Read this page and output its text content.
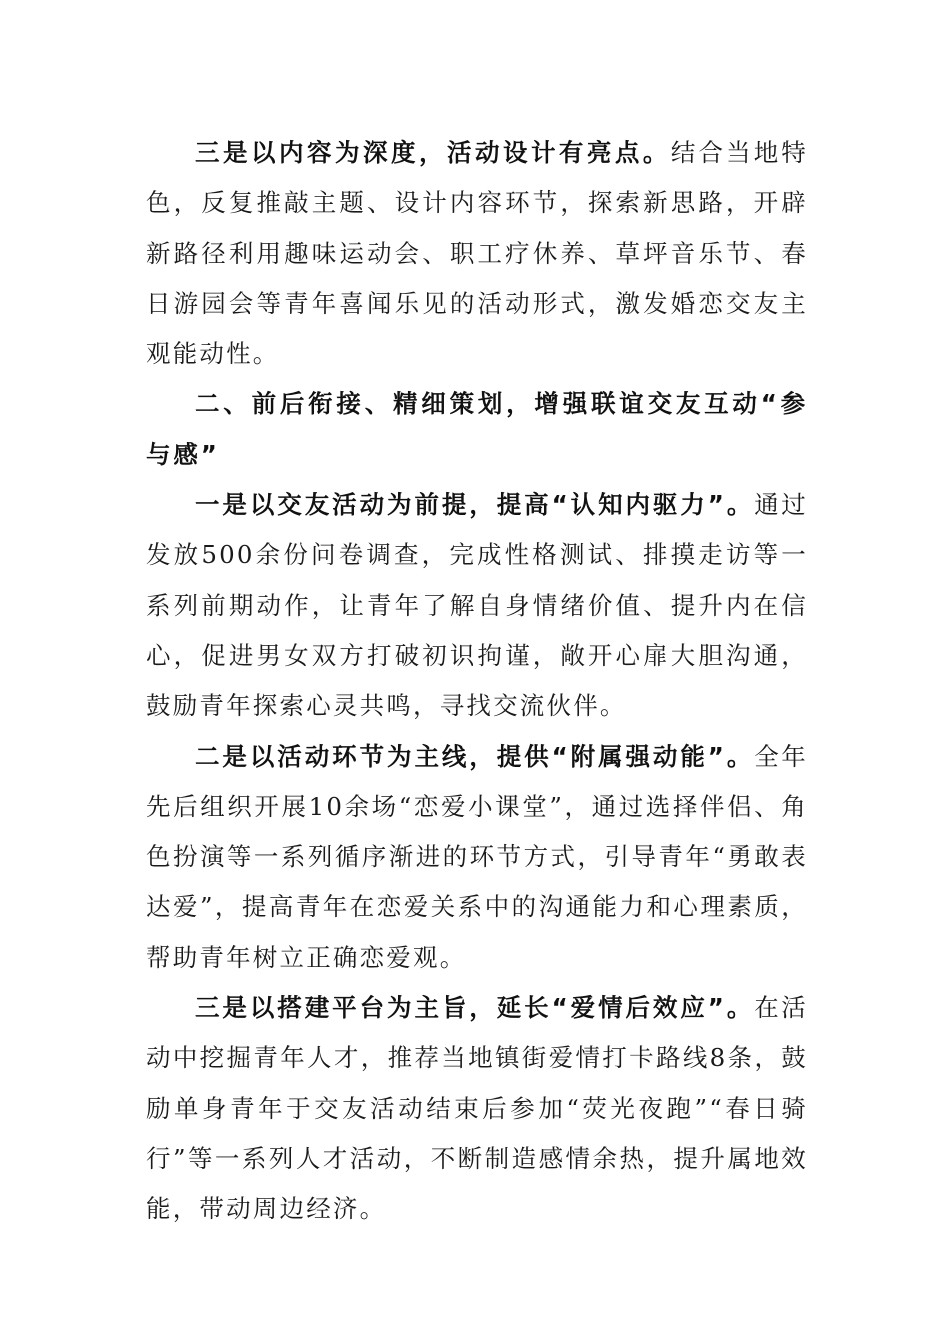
三是以内容为深度，活动设计有亮点。结合当地特色，反复推敲主题、设计内容环节，探索新思路，开辟新路径利用趣味运动会、职工疗休养、草坪音乐节、春日游园会等青年喜闻乐见的活动形式，激发婚恋交友主观能动性。

二、前后衔接、精细策划，增强联谊交友互动“参与感”

一是以交友活动为前提，提高“认知内驱力”。通过发放500余份问卷调查，完成性格测试、排摸走访等一系列前期动作，让青年了解自身情绪价值、提升内在信心，促进男女双方打破初识拘谨，敞开心扉大胆沟通，鼓励青年探索心灵共鸣，寻找交流伙伴。

二是以活动环节为主线，提供“附属强动能”。全年先后组织开展10余场“恋爱小课堂”，通过选择伴侣、角色扮演等一系列循序渐进的环节方式，引导青年“勇敢表达爱”，提高青年在恋爱关系中的沟通能力和心理素质，帮助青年树立正确恋爱观。

三是以搭建平台为主旨，延长“爱情后效应”。在活动中挖掘青年人才，推荐当地镇街爱情打卡路线8条，鼓励单身青年于交友活动结束后参加“荧光夜跑”“春日骑行”等一系列人才活动，不断制造感情余热，提升属地效能，带动周边经济。
